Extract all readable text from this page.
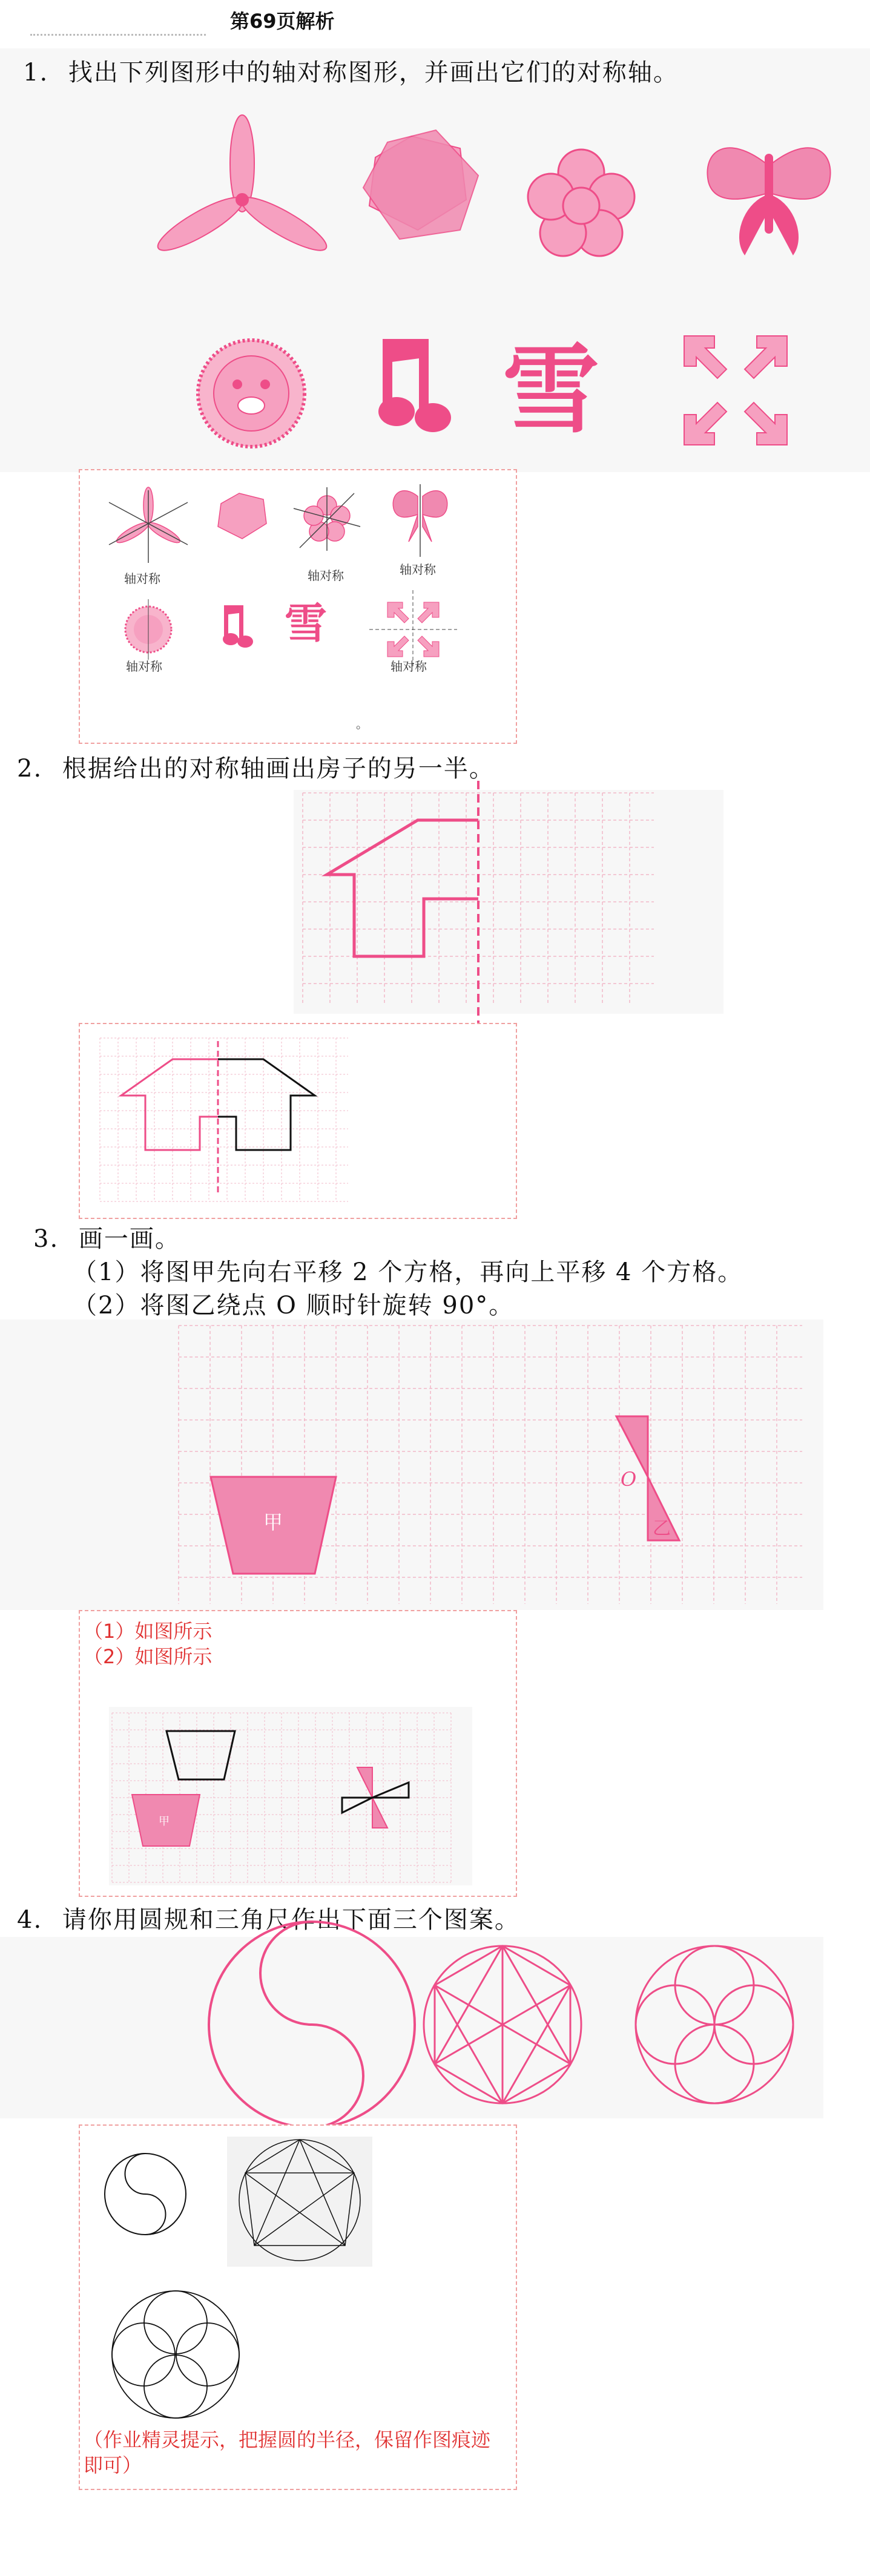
第69页解析
1. 找出下列图形中的轴对称图形，并画出它们的对称轴。
雪
雪
轴对称	轴对称	轴对称
轴对称	轴对称
。
2. 根据给出的对称轴画出房子的另一半。
3. 画一画。
（1）将图甲先向右平移 2 个方格，再向上平移 4 个方格。
（2）将图乙绕点 O 顺时针旋转 90°。
甲
O
乙
（1）如图所示
（2）如图所示
甲
4. 请你用圆规和三角尺作出下面三个图案。
（作业精灵提示，把握圆的半径，保留作图痕迹即可）
